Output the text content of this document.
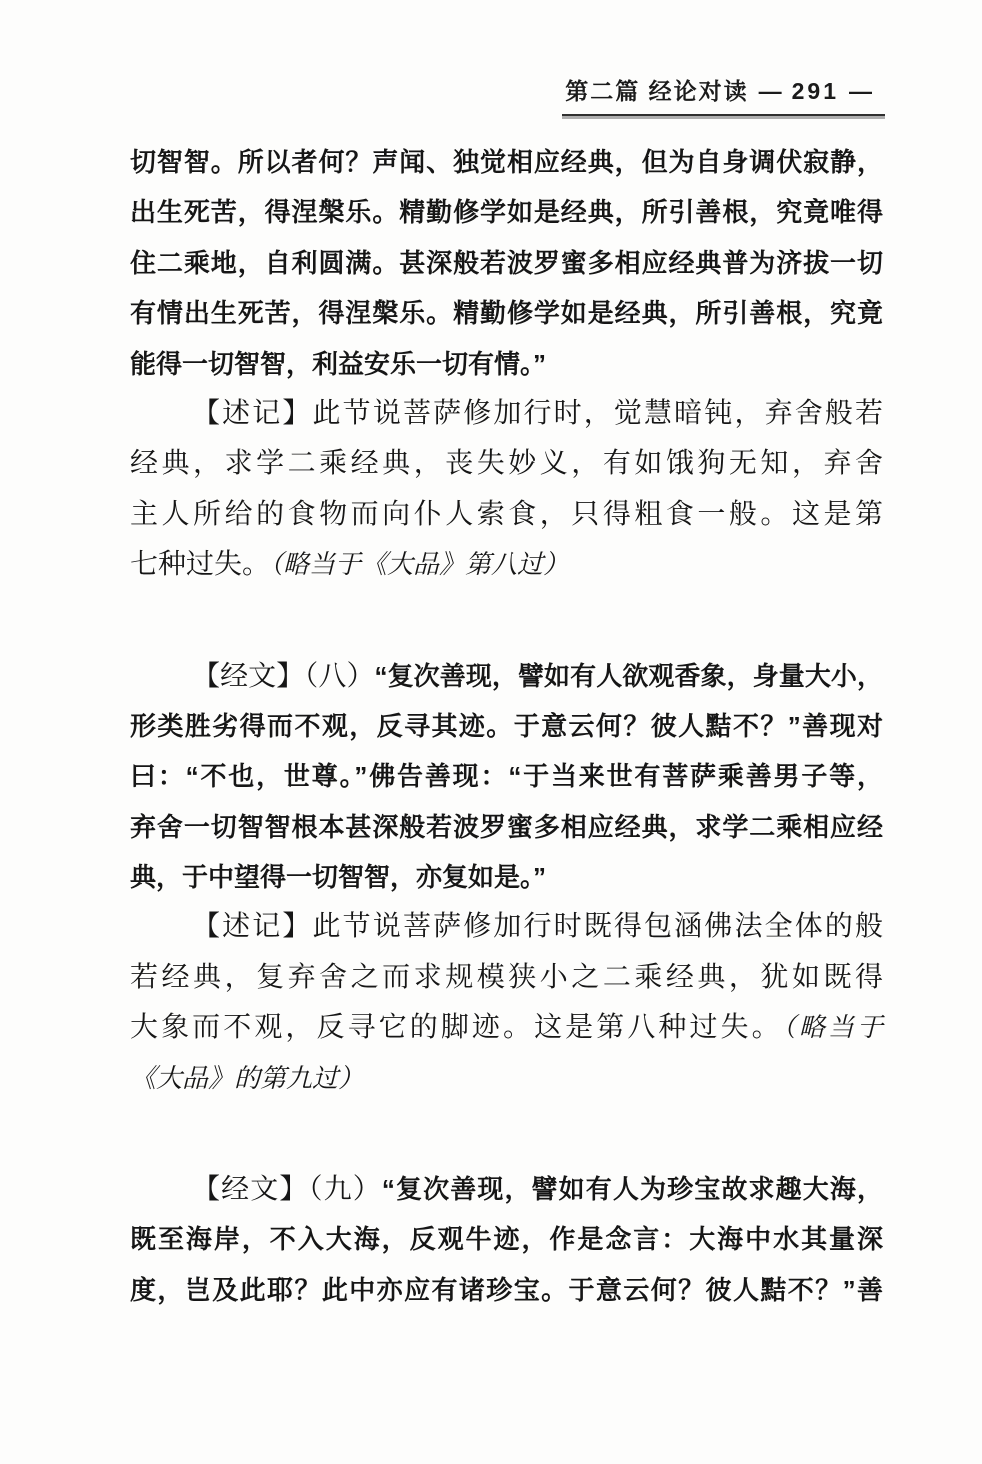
第二篇 经论对读 — 291 —
切智智。所以者何？声闻、独觉相应经典，但为自身调伏寂静，
出生死苦，得涅槃乐。精勤修学如是经典，所引善根，究竟唯得
住二乘地，自利圆满。甚深般若波罗蜜多相应经典普为济拔一切
有情出生死苦，得涅槃乐。精勤修学如是经典，所引善根，究竟
能得一切智智，利益安乐一切有情。”
【述记】此节说菩萨修加行时，觉慧暗钝，弃舍般若
经典，求学二乘经典，丧失妙义，有如饿狗无知，弃舍
主人所给的食物而向仆人索食，只得粗食一般。这是第
七种过失。（略当于《大品》第八过）
【经文】（八）“复次善现，譬如有人欲观香象，身量大小，
形类胜劣得而不观，反寻其迹。于意云何？彼人黠不？”善现对
曰：“不也，世尊。”佛告善现：“于当来世有菩萨乘善男子等，
弃舍一切智智根本甚深般若波罗蜜多相应经典，求学二乘相应经
典，于中望得一切智智，亦复如是。”
【述记】此节说菩萨修加行时既得包涵佛法全体的般
若经典，复弃舍之而求规模狭小之二乘经典，犹如既得
大象而不观，反寻它的脚迹。这是第八种过失。（略当于
《大品》的第九过）
【经文】（九）“复次善现，譬如有人为珍宝故求趣大海，
既至海岸，不入大海，反观牛迹，作是念言：大海中水其量深
度，岂及此耶？此中亦应有诸珍宝。于意云何？彼人黠不？”善
